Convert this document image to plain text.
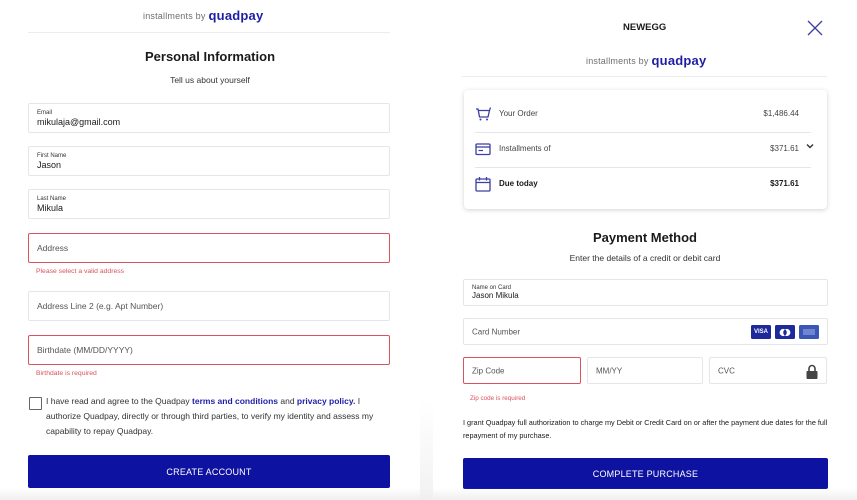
installments by quadpay
Personal Information
Tell us about yourself
Email
mikulaja@gmail.com
First Name
Jason
Last Name
Mikula
Address
Please select a valid address
Address Line 2 (e.g. Apt Number)
Birthdate (MM/DD/YYYY)
Birthdate is required
I have read and agree to the Quadpay terms and conditions and privacy policy. I authorize Quadpay, directly or through third parties, to verify my identity and assess my capability to repay Quadpay.
CREATE ACCOUNT
NEWEGG
installments by quadpay
Your Order	$1,486.44
Installments of	$371.61
Due today	$371.61
Payment Method
Enter the details of a credit or debit card
Name on Card
Jason Mikula
Card Number	VISA
Zip Code	MM/YY	CVC
Zip code is required
I grant Quadpay full authorization to charge my Debit or Credit Card on or after the payment due dates for the full repayment of my purchase.
COMPLETE PURCHASE
